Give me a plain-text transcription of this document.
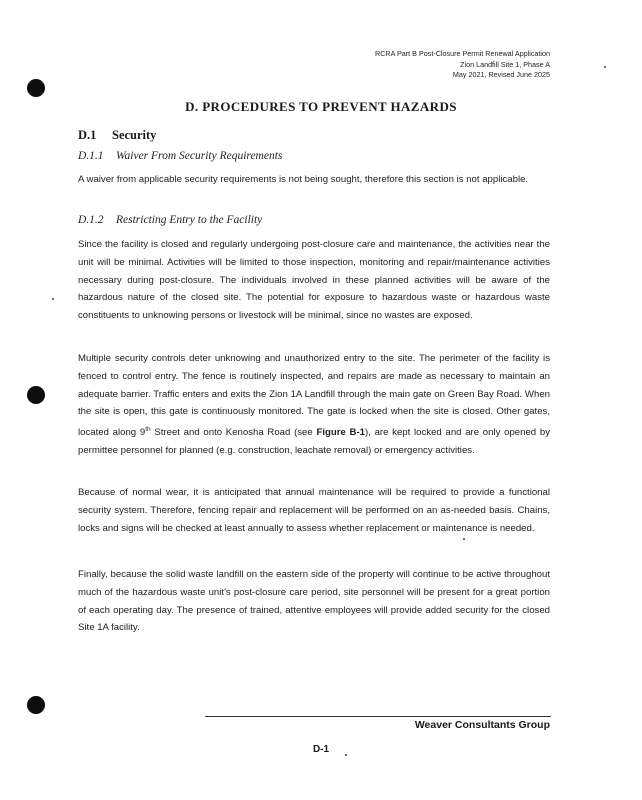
RCRA Part B Post-Closure Permit Renewal Application
Zion Landfill Site 1, Phase A
May 2021, Revised June 2025
D. PROCEDURES TO PREVENT HAZARDS
D.1 Security
D.1.1 Waiver From Security Requirements
A waiver from applicable security requirements is not being sought, therefore this section is not applicable.
D.1.2 Restricting Entry to the Facility
Since the facility is closed and regularly undergoing post-closure care and maintenance, the activities near the unit will be minimal. Activities will be limited to those inspection, monitoring and repair/maintenance activities necessary during post-closure. The individuals involved in these planned activities will be aware of the hazardous nature of the closed site. The potential for exposure to hazardous waste or hazardous waste constituents to unknowing persons or livestock will be minimal, since no wastes are exposed.
Multiple security controls deter unknowing and unauthorized entry to the site. The perimeter of the facility is fenced to control entry. The fence is routinely inspected, and repairs are made as necessary to maintain an adequate barrier. Traffic enters and exits the Zion 1A Landfill through the main gate on Green Bay Road. When the site is open, this gate is continuously monitored. The gate is locked when the site is closed. Other gates, located along 9th Street and onto Kenosha Road (see Figure B-1), are kept locked and are only opened by permittee personnel for planned (e.g. construction, leachate removal) or emergency activities.
Because of normal wear, it is anticipated that annual maintenance will be required to provide a functional security system. Therefore, fencing repair and replacement will be performed on an as-needed basis. Chains, locks and signs will be checked at least annually to assess whether replacement or maintenance is needed.
Finally, because the solid waste landfill on the eastern side of the property will continue to be active throughout much of the hazardous waste unit's post-closure care period, site personnel will be present for a great portion of each operating day. The presence of trained, attentive employees will provide added security for the closed Site 1A facility.
Weaver Consultants Group
D-1
